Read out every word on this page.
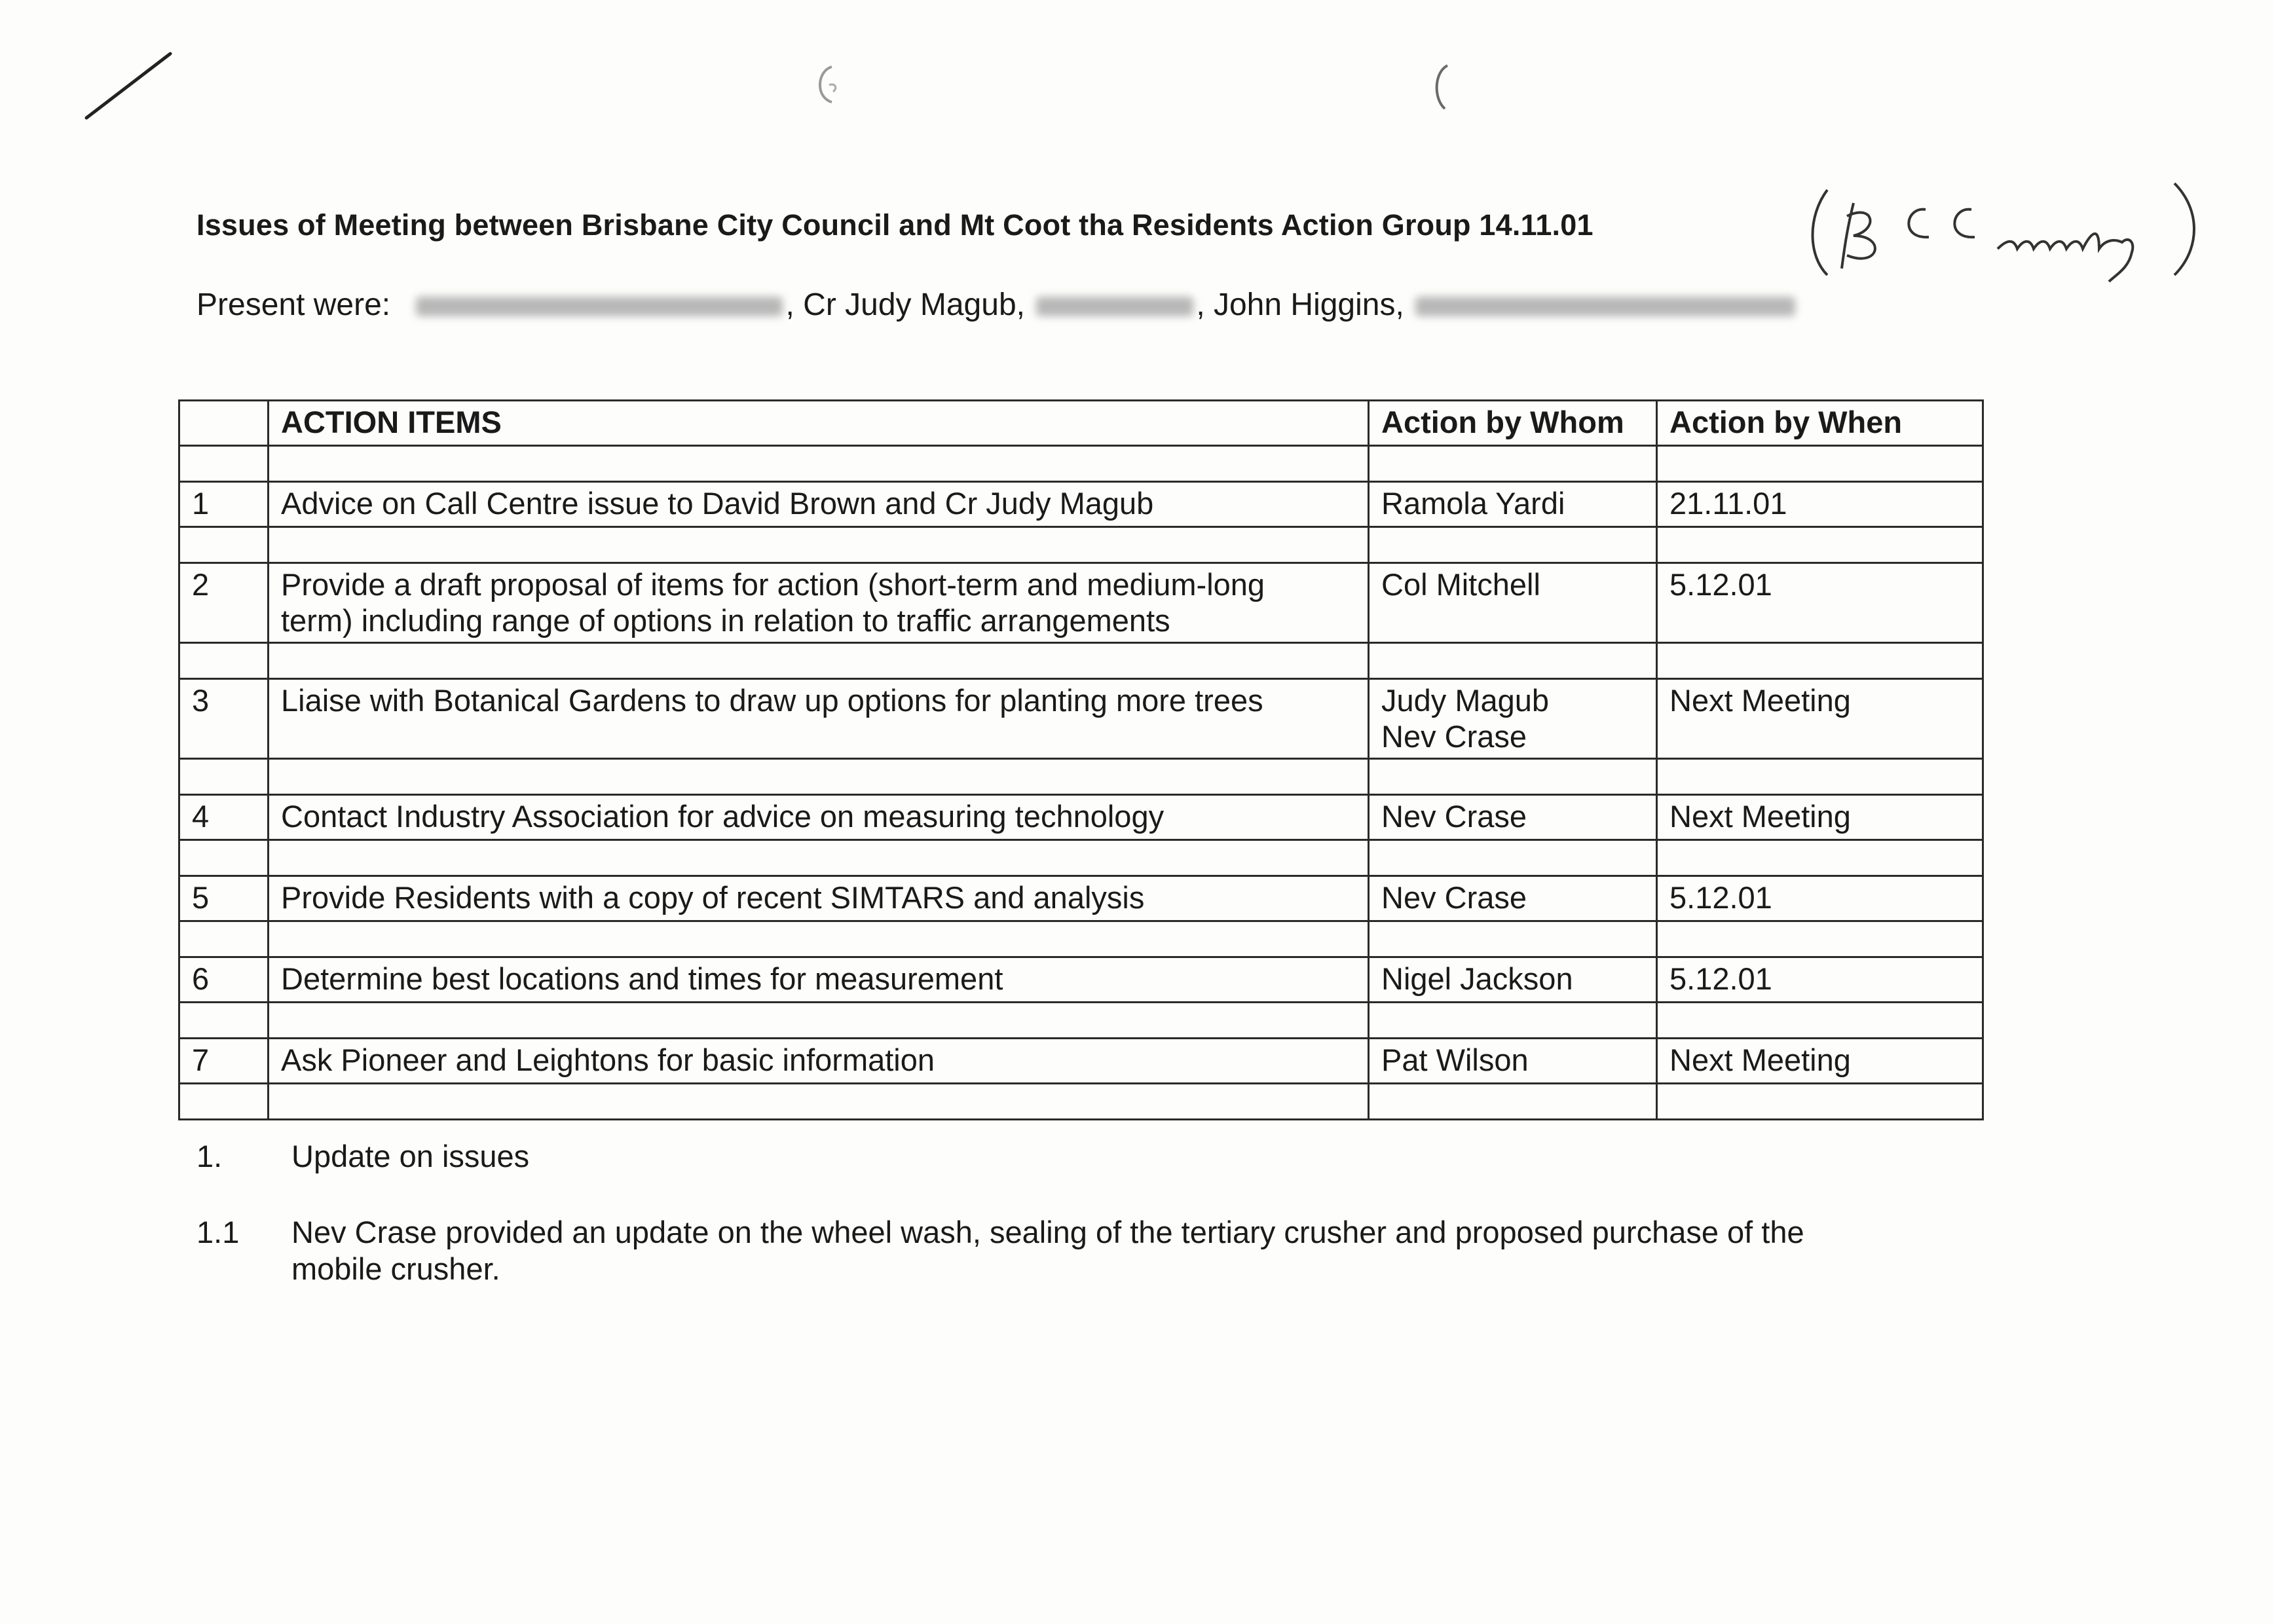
Issues of Meeting between Brisbane City Council and Mt Coot tha Residents Action Group 14.11.01
Present were:	, Cr Judy Magub,	, John Higgins,
	ACTION ITEMS	Action by Whom	Action by When

1	Advice on Call Centre issue to David Brown and Cr Judy Magub	Ramola Yardi	21.11.01

2	Provide a draft proposal of items for action (short-term and medium-long
term) including range of options in relation to traffic arrangements	Col Mitchell	5.12.01

3	Liaise with Botanical Gardens to draw up options for planting more trees	Judy Magub
Nev Crase	Next Meeting

4	Contact Industry Association for advice on measuring technology	Nev Crase	Next Meeting

5	Provide Residents with a copy of recent SIMTARS and analysis	Nev Crase	5.12.01

6	Determine best locations and times for measurement	Nigel Jackson	5.12.01

7	Ask Pioneer and Leightons for basic information	Pat Wilson	Next Meeting

1.	Update on issues
1.1	Nev Crase provided an update on the wheel wash, sealing of the tertiary crusher and proposed purchase of the
mobile crusher.
